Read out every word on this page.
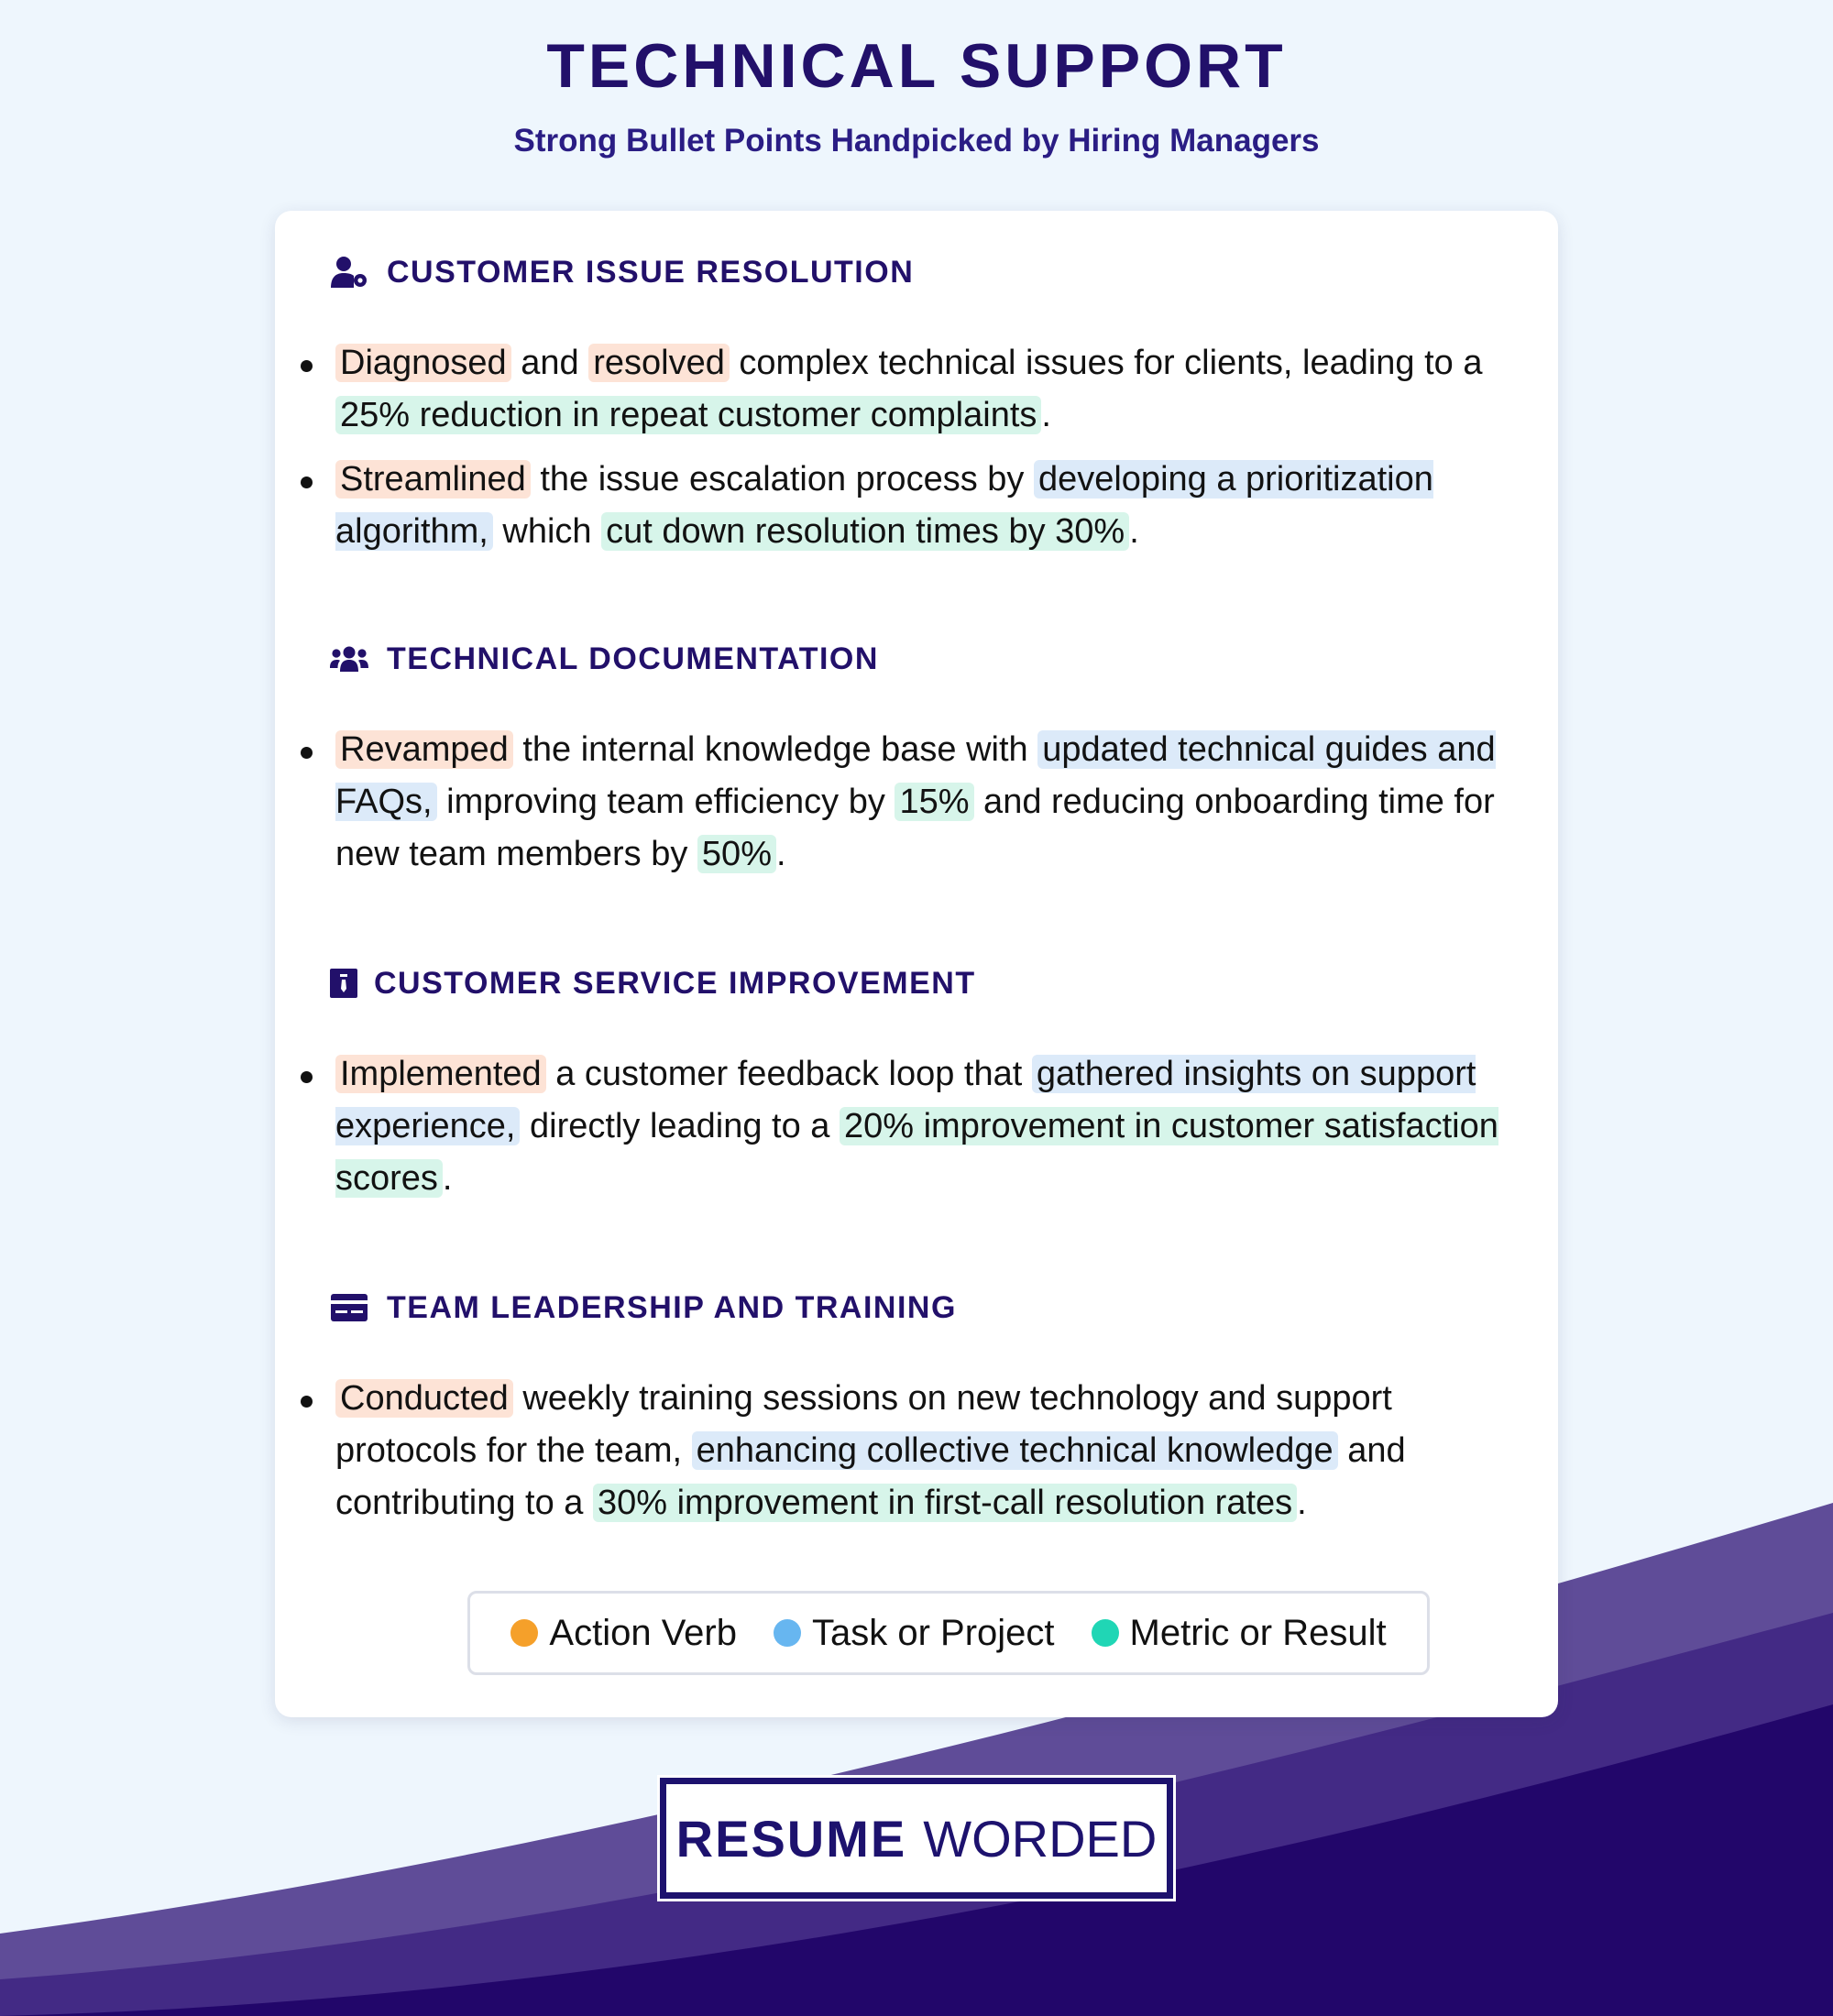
TECHNICAL SUPPORT
Strong Bullet Points Handpicked by Hiring Managers
CUSTOMER ISSUE RESOLUTION
Diagnosed and resolved complex technical issues for clients, leading to a 25% reduction in repeat customer complaints .
Streamlined the issue escalation process by developing a prioritization algorithm, which cut down resolution times by 30% .
TECHNICAL DOCUMENTATION
Revamped the internal knowledge base with updated technical guides and FAQs, improving team efficiency by 15% and reducing onboarding time for new team members by 50% .
CUSTOMER SERVICE IMPROVEMENT
Implemented a customer feedback loop that gathered insights on support experience, directly leading to a 20% improvement in customer satisfaction scores .
TEAM LEADERSHIP AND TRAINING
Conducted weekly training sessions on new technology and support protocols for the team, enhancing collective technical knowledge and contributing to a 30% improvement in first-call resolution rates .
Action Verb Task or Project Metric or Result
RESUME WORDED
